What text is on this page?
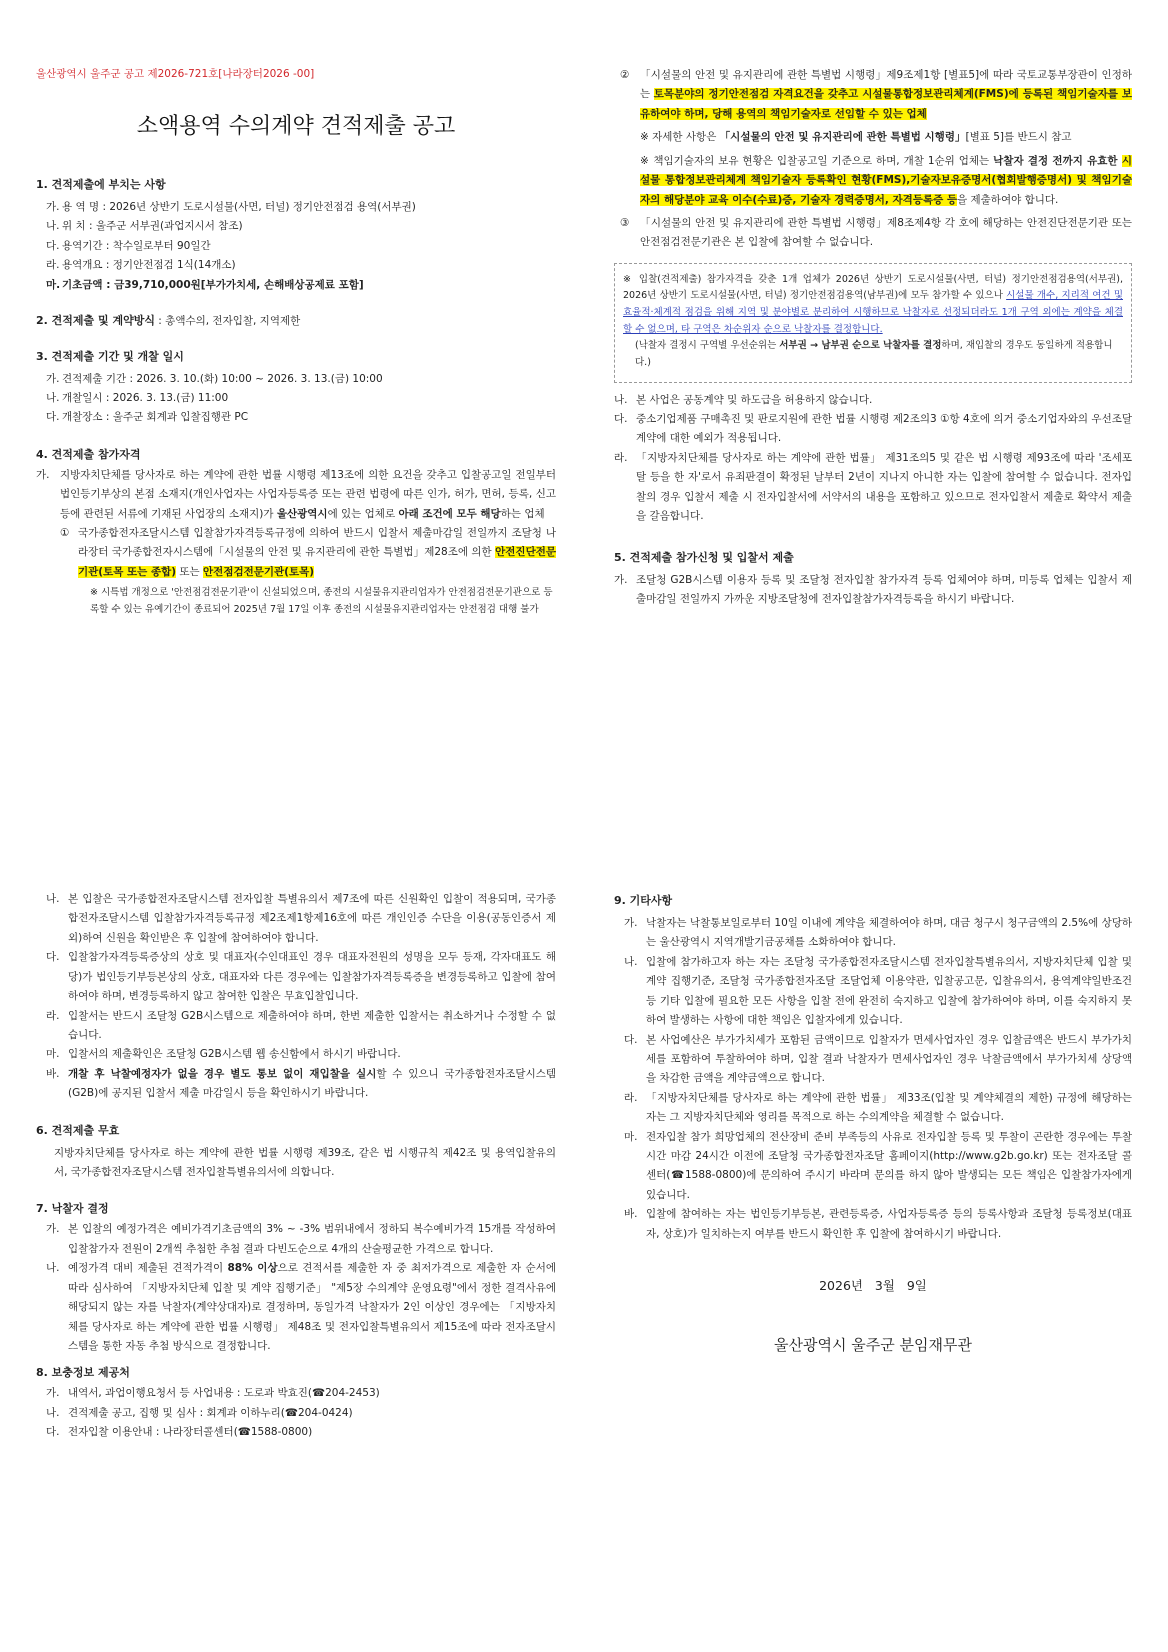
울산광역시 울주군 공고 제2026-721호[나라장터2026 -00]
소액용역 수의계약 견적제출 공고

1. 견적제출에 부치는 사항

가. 용 역 명 : 2026년 상반기 도로시설물(사면, 터널) 정기안전점검 용역(서부권)

나. 위 치 : 울주군 서부권(과업지시서 참조)

다. 용역기간 : 착수일로부터 90일간

라. 용역개요 : 정기안전점검 1식(14개소)

마. 기초금액 : 금39,710,000원[부가가치세, 손해배상공제료 포함]

2. 견적제출 및 계약방식 : 총액수의, 전자입찰, 지역제한

3. 견적제출 기간 및 개찰 일시

가. 견적제출 기간 : 2026. 3. 10.(화) 10:00 ~ 2026. 3. 13.(금) 10:00

나. 개찰일시 : 2026. 3. 13.(금) 11:00

다. 개찰장소 : 울주군 회계과 입찰집행관 PC

4. 견적제출 참가자격

가. 지방자치단체를 당사자로 하는 계약에 관한 법률 시행령 제13조에 의한 요건을 갖추고 입찰공고일 전일부터 법인등기부상의 본점 소재지(개인사업자는 사업자등록증 또는 관련 법령에 따른 인가, 허가, 면허, 등록, 신고 등에 관련된 서류에 기재된 사업장의 소재지)가 울산광역시에 있는 업체로 아래 조건에 모두 해당하는 업체

① 국가종합전자조달시스템 입찰참가자격등록규정에 의하여 반드시 입찰서 제출마감일 전일까지 조달청 나라장터 국가종합전자시스템에「시설물의 안전 및 유지관리에 관한 특별법」제28조에 의한 안전진단전문기관(토목 또는 종합) 또는 안전점검전문기관(토목)

※ 시특법 개정으로 '안전점검전문기관'이 신설되었으며, 종전의 시설물유지관리업자가 안전점검전문기관으로 등록할 수 있는 유예기간이 종료되어 2025년 7월 17일 이후 종전의 시설물유지관리업자는 안전점검 대행 불가

② 「시설물의 안전 및 유지관리에 관한 특별법 시행령」제9조제1항 [별표5]에 따라 국토교통부장관이 인정하는 토목분야의 정기안전점검 자격요건을 갖추고 시설물통합정보관리체계(FMS)에 등록된 책임기술자를 보유하여야 하며, 당해 용역의 책임기술자로 선임할 수 있는 업체

※ 자세한 사항은 「시설물의 안전 및 유지관리에 관한 특별법 시행령」[별표 5]를 반드시 참고

※ 책임기술자의 보유 현황은 입찰공고일 기준으로 하며, 개찰 1순위 업체는 낙찰자 결정 전까지 유효한 시설물 통합정보관리체계 책임기술자 등록확인 현황(FMS),기술자보유증명서(협회발행증명서) 및 책임기술자의 해당분야 교육 이수(수료)증, 기술자 경력증명서, 자격등록증 등을 제출하여야 합니다.

③ 「시설물의 안전 및 유지관리에 관한 특별법 시행령」제8조제4항 각 호에 해당하는 안전진단전문기관 또는 안전점검전문기관은 본 입찰에 참여할 수 없습니다.

※ 입찰(견적제출) 참가자격을 갖춘 1개 업체가 2026년 상반기 도로시설물(사면, 터널) 정기안전점검용역(서부권), 2026년 상반기 도로시설물(사면, 터널) 정기안전점검용역(남부권)에 모두 참가할 수 있으나 시설물 개수, 지리적 여건 및 효율적·체계적 점검을 위해 지역 및 분야별로 분리하여 시행하므로 낙찰자로 선정되더라도 1개 구역 외에는 계약을 체결할 수 없으며, 타 구역은 차순위자 순으로 낙찰자를 결정합니다.

(낙찰자 결정시 구역별 우선순위는 서부권 → 남부권 순으로 낙찰자를 결정하며, 재입찰의 경우도 동일하게 적용합니다.)

나. 본 사업은 공동계약 및 하도급을 허용하지 않습니다.

다. 중소기업제품 구매촉진 및 판로지원에 관한 법률 시행령 제2조의3 ①항 4호에 의거 중소기업자와의 우선조달계약에 대한 예외가 적용됩니다.

라. 「지방자치단체를 당사자로 하는 계약에 관한 법률」 제31조의5 및 같은 법 시행령 제93조에 따라 '조세포탈 등을 한 자'로서 유죄판결이 확정된 날부터 2년이 지나지 아니한 자는 입찰에 참여할 수 없습니다. 전자입찰의 경우 입찰서 제출 시 전자입찰서에 서약서의 내용을 포함하고 있으므로 전자입찰서 제출로 확약서 제출을 갈음합니다.

5. 견적제출 참가신청 및 입찰서 제출

가. 조달청 G2B시스템 이용자 등록 및 조달청 전자입찰 참가자격 등록 업체여야 하며, 미등록 업체는 입찰서 제출마감일 전일까지 가까운 지방조달청에 전자입찰참가자격등록을 하시기 바랍니다.

나. 본 입찰은 국가종합전자조달시스템 전자입찰 특별유의서 제7조에 따른 신원확인 입찰이 적용되며, 국가종합전자조달시스템 입찰참가자격등록규정 제2조제1항제16호에 따른 개인인증 수단을 이용(공동인증서 제외)하여 신원을 확인받은 후 입찰에 참여하여야 합니다.

다. 입찰참가자격등록증상의 상호 및 대표자(수인대표인 경우 대표자전원의 성명을 모두 등재, 각자대표도 해당)가 법인등기부등본상의 상호, 대표자와 다른 경우에는 입찰참가자격등록증을 변경등록하고 입찰에 참여하여야 하며, 변경등록하지 않고 참여한 입찰은 무효입찰입니다.

라. 입찰서는 반드시 조달청 G2B시스템으로 제출하여야 하며, 한번 제출한 입찰서는 취소하거나 수정할 수 없습니다.

마. 입찰서의 제출확인은 조달청 G2B시스템 웹 송신함에서 하시기 바랍니다.

바. 개찰 후 낙찰예정자가 없을 경우 별도 통보 없이 재입찰을 실시할 수 있으니 국가종합전자조달시스템(G2B)에 공지된 입찰서 제출 마감일시 등을 확인하시기 바랍니다.

6. 견적제출 무효

지방자치단체를 당사자로 하는 계약에 관한 법률 시행령 제39조, 같은 법 시행규칙 제42조 및 용역입찰유의서, 국가종합전자조달시스템 전자입찰특별유의서에 의합니다.

7. 낙찰자 결정

가. 본 입찰의 예정가격은 예비가격기초금액의 3% ~ -3% 범위내에서 정하되 복수예비가격 15개를 작성하여 입찰참가자 전원이 2개씩 추첨한 추첨 결과 다빈도순으로 4개의 산술평균한 가격으로 합니다.

나. 예정가격 대비 제출된 견적가격이 88% 이상으로 견적서를 제출한 자 중 최저가격으로 제출한 자 순서에 따라 심사하여 「지방자치단체 입찰 및 계약 집행기준」 "제5장 수의계약 운영요령"에서 정한 결격사유에 해당되지 않는 자를 낙찰자(계약상대자)로 결정하며, 동일가격 낙찰자가 2인 이상인 경우에는 「지방자치체를 당사자로 하는 계약에 관한 법률 시행령」 제48조 및 전자입찰특별유의서 제15조에 따라 전자조달시스템을 통한 자동 추첨 방식으로 결정합니다.

8. 보충정보 제공처

가. 내역서, 과업이행요청서 등 사업내용 : 도로과 박효진(☎204-2453)

나. 견적제출 공고, 집행 및 심사 : 회계과 이하누리(☎204-0424)

다. 전자입찰 이용안내 : 나라장터콜센터(☎1588-0800)

9. 기타사항

가. 낙찰자는 낙찰통보일로부터 10일 이내에 계약을 체결하여야 하며, 대금 청구시 청구금액의 2.5%에 상당하는 울산광역시 지역개발기금공채를 소화하여야 합니다.

나. 입찰에 참가하고자 하는 자는 조달청 국가종합전자조달시스템 전자입찰특별유의서, 지방자치단체 입찰 및 계약 집행기준, 조달청 국가종합전자조달 조달업체 이용약관, 입찰공고문, 입찰유의서, 용역계약일반조건 등 기타 입찰에 필요한 모든 사항을 입찰 전에 완전히 숙지하고 입찰에 참가하여야 하며, 이를 숙지하지 못하여 발생하는 사항에 대한 책임은 입찰자에게 있습니다.

다. 본 사업예산은 부가가치세가 포함된 금액이므로 입찰자가 면세사업자인 경우 입찰금액은 반드시 부가가치세를 포함하여 투찰하여야 하며, 입찰 결과 낙찰자가 면세사업자인 경우 낙찰금액에서 부가가치세 상당액을 차감한 금액을 계약금액으로 합니다.

라. 「지방자치단체를 당사자로 하는 계약에 관한 법률」 제33조(입찰 및 계약체결의 제한) 규정에 해당하는 자는 그 지방자치단체와 영리를 목적으로 하는 수의계약을 체결할 수 없습니다.

마. 전자입찰 참가 희망업체의 전산장비 준비 부족등의 사유로 전자입찰 등록 및 투찰이 곤란한 경우에는 투찰시간 마감 24시간 이전에 조달청 국가종합전자조달 홈페이지(http://www.g2b.go.kr) 또는 전자조달 콜센터(☎1588-0800)에 문의하여 주시기 바라며 문의를 하지 않아 발생되는 모든 책임은 입찰참가자에게 있습니다.

바. 입찰에 참여하는 자는 법인등기부등본, 관련등록증, 사업자등록증 등의 등록사항과 조달청 등록정보(대표자, 상호)가 일치하는지 여부를 반드시 확인한 후 입찰에 참여하시기 바랍니다.

2026년   3월   9일
울산광역시 울주군 분임재무관
